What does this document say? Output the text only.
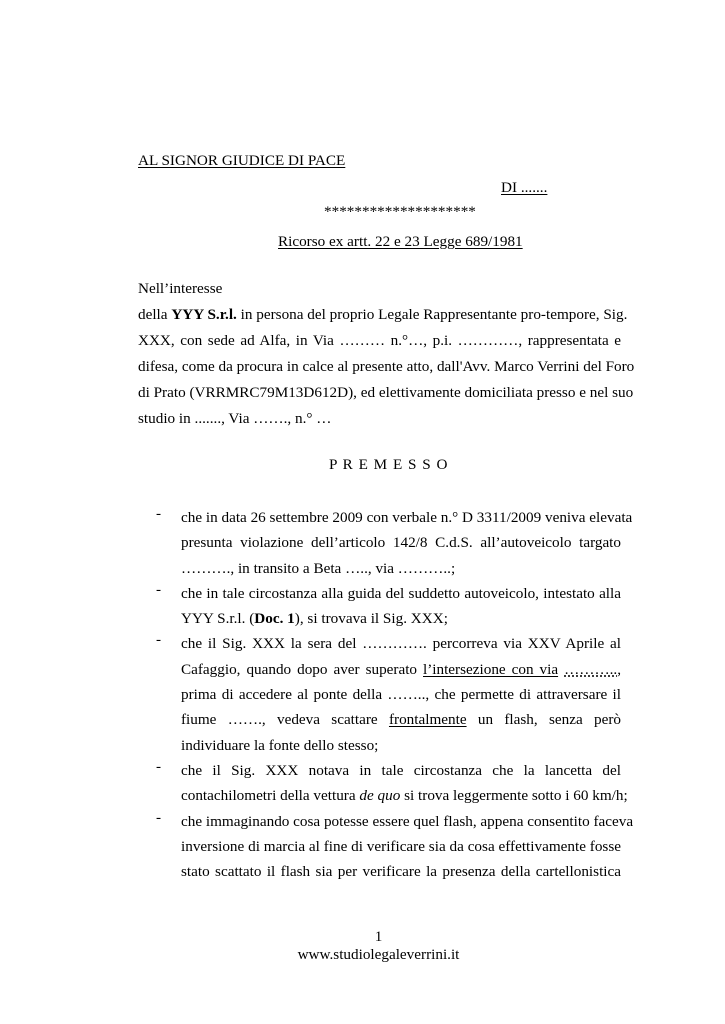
AL SIGNOR GIUDICE DI PACE
DI .......
********************
Ricorso ex artt. 22 e 23 Legge 689/1981
Nell’interesse
della YYY S.r.l. in persona del proprio Legale Rappresentante pro-tempore, Sig.
XXX, con sede ad Alfa, in Via ……… n.°…, p.i. …………, rappresentata e
difesa, come da procura in calce al presente atto, dall'Avv. Marco Verrini del Foro
di Prato (VRRMRC79M13D612D), ed elettivamente domiciliata presso e nel suo
studio in ......., Via ……., n.° …
P R E M E S S O
- che in data 26 settembre 2009 con verbale n.° D 3311/2009 veniva elevata
presunta violazione dell’articolo 142/8 C.d.S. all’autoveicolo targato
………., in transito a Beta ….., via ………..;
- che in tale circostanza alla guida del suddetto autoveicolo, intestato alla
YYY S.r.l. (Doc. 1), si trovava il Sig. XXX;
- che il Sig. XXX la sera del …………. percorreva via XXV Aprile al
Cafaggio, quando dopo aver superato l’intersezione con via ………..,
prima di accedere al ponte della …….., che permette di attraversare il
fiume ……., vedeva scattare frontalmente un flash, senza però
individuare la fonte dello stesso;
- che il Sig. XXX notava in tale circostanza che la lancetta del
contachilometri della vettura de quo si trova leggermente sotto i 60 km/h;
- che immaginando cosa potesse essere quel flash, appena consentito faceva
inversione di marcia al fine di verificare sia da cosa effettivamente fosse
stato scattato il flash sia per verificare la presenza della cartellonistica
1
www.studiolegaleverrini.it
